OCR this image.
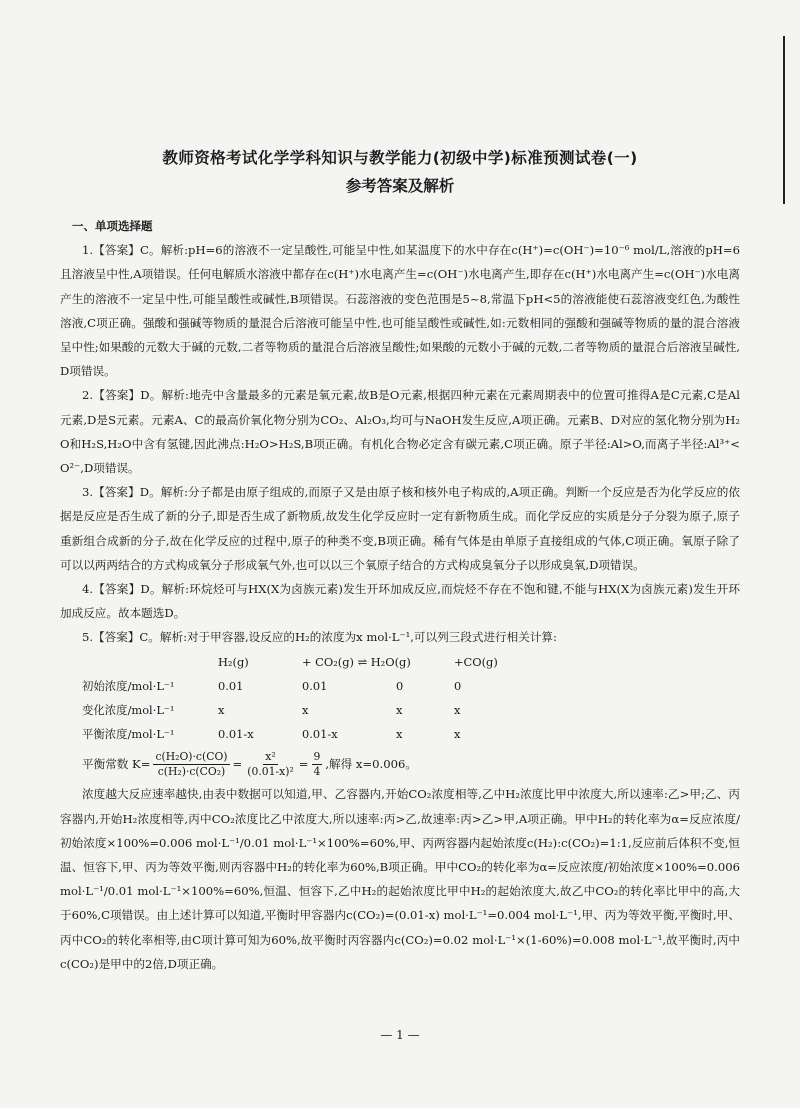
教师资格考试化学学科知识与教学能力(初级中学)标准预测试卷(一)
参考答案及解析
一、单项选择题

1.【答案】C。解析:pH=6的溶液不一定呈酸性,可能呈中性,如某温度下的水中存在c(H⁺)=c(OH⁻)=10⁻⁶ mol/L,溶液的pH=6且溶液呈中性,A项错误。任何电解质水溶液中都存在c(H⁺)水电离产生=c(OH⁻)水电离产生,即存在c(H⁺)水电离产生=c(OH⁻)水电离产生的溶液不一定呈中性,可能呈酸性或碱性,B项错误。石蕊溶液的变色范围是5~8,常温下pH<5的溶液能使石蕊溶液变红色,为酸性溶液,C项正确。强酸和强碱等物质的量混合后溶液可能呈中性,也可能呈酸性或碱性,如:元数相同的强酸和强碱等物质的量的混合溶液呈中性;如果酸的元数大于碱的元数,二者等物质的量混合后溶液呈酸性;如果酸的元数小于碱的元数,二者等物质的量混合后溶液呈碱性,D项错误。

2.【答案】D。解析:地壳中含量最多的元素是氧元素,故B是O元素,根据四种元素在元素周期表中的位置可推得A是C元素,C是Al元素,D是S元素。元素A、C的最高价氧化物分别为CO₂、Al₂O₃,均可与NaOH发生反应,A项正确。元素B、D对应的氢化物分别为H₂O和H₂S,H₂O中含有氢键,因此沸点:H₂O>H₂S,B项正确。有机化合物必定含有碳元素,C项正确。原子半径:Al>O,而离子半径:Al³⁺<O²⁻,D项错误。

3.【答案】D。解析:分子都是由原子组成的,而原子又是由原子核和核外电子构成的,A项正确。判断一个反应是否为化学反应的依据是反应是否生成了新的分子,即是否生成了新物质,故发生化学反应时一定有新物质生成。而化学反应的实质是分子分裂为原子,原子重新组合成新的分子,故在化学反应的过程中,原子的种类不变,B项正确。稀有气体是由单原子直接组成的气体,C项正确。氧原子除了可以以两两结合的方式构成氧分子形成氧气外,也可以以三个氧原子结合的方式构成臭氧分子以形成臭氧,D项错误。

4.【答案】D。解析:环烷烃可与HX(X为卤族元素)发生开环加成反应,而烷烃不存在不饱和键,不能与HX(X为卤族元素)发生开环加成反应。故本题选D。

5.【答案】C。解析:对于甲容器,设反应的H₂的浓度为x mol·L⁻¹,可以列三段式进行相关计算:

	H₂(g)	+ CO₂(g) ⇌ H₂O(g)		+CO(g)
初始浓度/mol·L⁻¹	0.01	0.01	0	0
变化浓度/mol·L⁻¹	x	x	x	x
平衡浓度/mol·L⁻¹	0.01-x	0.01-x	x	x
平衡常数 $K= \frac{\text{c(H₂O)·c(CO)}}{\text{c(H₂)·c(CO₂)}} = \frac{\text{x²}}{\text{(0.01-x)²}} = \frac{9}{4}$ ,解得 x=0.006。

浓度越大反应速率越快,由表中数据可以知道,甲、乙容器内,开始CO₂浓度相等,乙中H₂浓度比甲中浓度大,所以速率:乙>甲;乙、丙容器内,开始H₂浓度相等,丙中CO₂浓度比乙中浓度大,所以速率:丙>乙,故速率:丙>乙>甲,A项正确。甲中H₂的转化率为α=反应浓度/初始浓度×100%=0.006 mol·L⁻¹/0.01 mol·L⁻¹×100%=60%,甲、丙两容器内起始浓度c(H₂):c(CO₂)=1:1,反应前后体积不变,恒温、恒容下,甲、丙为等效平衡,则丙容器中H₂的转化率为60%,B项正确。甲中CO₂的转化率为α=反应浓度/初始浓度×100%=0.006 mol·L⁻¹/0.01 mol·L⁻¹×100%=60%,恒温、恒容下,乙中H₂的起始浓度比甲中H₂的起始浓度大,故乙中CO₂的转化率比甲中的高,大于60%,C项错误。由上述计算可以知道,平衡时甲容器内c(CO₂)=(0.01-x) mol·L⁻¹=0.004 mol·L⁻¹,甲、丙为等效平衡,平衡时,甲、丙中CO₂的转化率相等,由C项计算可知为60%,故平衡时丙容器内c(CO₂)=0.02 mol·L⁻¹×(1-60%)=0.008 mol·L⁻¹,故平衡时,丙中c(CO₂)是甲中的2倍,D项正确。

— 1 —
